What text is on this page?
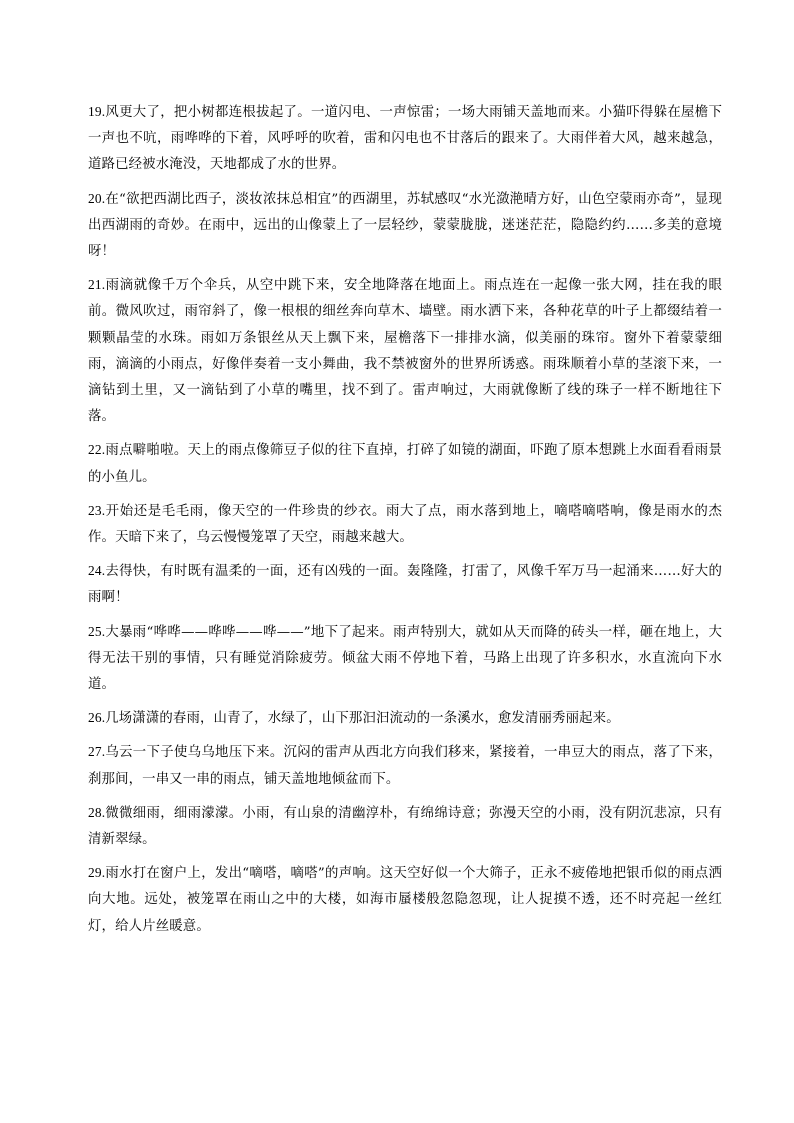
19.风更大了，把小树都连根拔起了。一道闪电、一声惊雷；一场大雨铺天盖地而来。小猫吓得躲在屋檐下一声也不吭，雨哗哗的下着，风呼呼的吹着，雷和闪电也不甘落后的跟来了。大雨伴着大风，越来越急，道路已经被水淹没，天地都成了水的世界。

20.在“欲把西湖比西子，淡妆浓抹总相宜”的西湖里，苏轼感叹“水光潋滟晴方好，山色空蒙雨亦奇”，显现出西湖雨的奇妙。在雨中，远出的山像蒙上了一层轻纱，蒙蒙胧胧，迷迷茫茫，隐隐约约……多美的意境呀！

21.雨滴就像千万个伞兵，从空中跳下来，安全地降落在地面上。雨点连在一起像一张大网，挂在我的眼前。微风吹过，雨帘斜了，像一根根的细丝奔向草木、墙壁。雨水洒下来，各种花草的叶子上都缀结着一颗颗晶莹的水珠。雨如万条银丝从天上飘下来，屋檐落下一排排水滴，似美丽的珠帘。窗外下着蒙蒙细雨，滴滴的小雨点，好像伴奏着一支小舞曲，我不禁被窗外的世界所诱惑。雨珠顺着小草的茎滚下来，一滴钻到土里，又一滴钻到了小草的嘴里，找不到了。雷声响过，大雨就像断了线的珠子一样不断地往下落。

22.雨点噼啪啦。天上的雨点像筛豆子似的往下直掉，打碎了如镜的湖面，吓跑了原本想跳上水面看看雨景的小鱼儿。

23.开始还是毛毛雨，像天空的一件珍贵的纱衣。雨大了点，雨水落到地上，嘀嗒嘀嗒响，像是雨水的杰作。天暗下来了，乌云慢慢笼罩了天空，雨越来越大。

24.去得快，有时既有温柔的一面，还有凶残的一面。轰隆隆，打雷了，风像千军万马一起涌来……好大的雨啊！

25.大暴雨“哗哗——哗哗——哗——”地下了起来。雨声特别大，就如从天而降的砖头一样，砸在地上，大得无法干别的事情，只有睡觉消除疲劳。倾盆大雨不停地下着，马路上出现了许多积水，水直流向下水道。

26.几场潇潇的春雨，山青了，水绿了，山下那汩汩流动的一条溪水，愈发清丽秀丽起来。

27.乌云一下子使乌乌地压下来。沉闷的雷声从西北方向我们移来，紧接着，一串豆大的雨点，落了下来，刹那间，一串又一串的雨点，铺天盖地地倾盆而下。

28.微微细雨，细雨濛濛。小雨，有山泉的清幽淳朴，有绵绵诗意；弥漫天空的小雨，没有阴沉悲凉，只有清新翠绿。

29.雨水打在窗户上，发出“嘀嗒，嘀嗒”的声响。这天空好似一个大筛子，正永不疲倦地把银币似的雨点洒向大地。远处，被笼罩在雨山之中的大楼，如海市蜃楼般忽隐忽现，让人捉摸不透，还不时亮起一丝红灯，给人片丝暖意。
